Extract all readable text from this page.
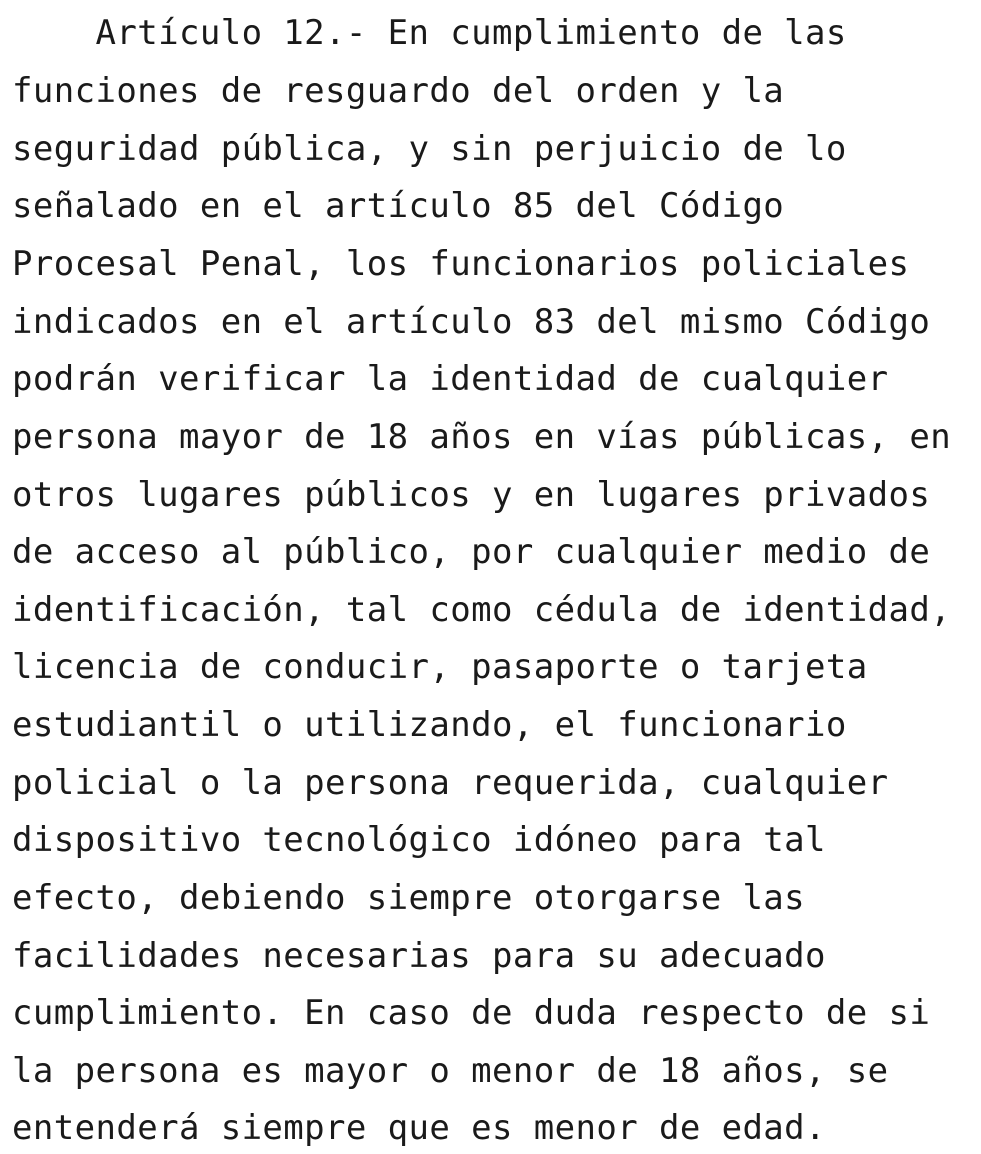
Artículo 12.- En cumplimiento de las

funciones de resguardo del orden y la

seguridad pública, y sin perjuicio de lo

señalado en el artículo 85 del Código

Procesal Penal, los funcionarios policiales

indicados en el artículo 83 del mismo Código

podrán verificar la identidad de cualquier

persona mayor de 18 años en vías públicas, en

otros lugares públicos y en lugares privados

de acceso al público, por cualquier medio de

identificación, tal como cédula de identidad,

licencia de conducir, pasaporte o tarjeta

estudiantil o utilizando, el funcionario

policial o la persona requerida, cualquier

dispositivo tecnológico idóneo para tal

efecto, debiendo siempre otorgarse las

facilidades necesarias para su adecuado

cumplimiento. En caso de duda respecto de si

la persona es mayor o menor de 18 años, se

entenderá siempre que es menor de edad.
